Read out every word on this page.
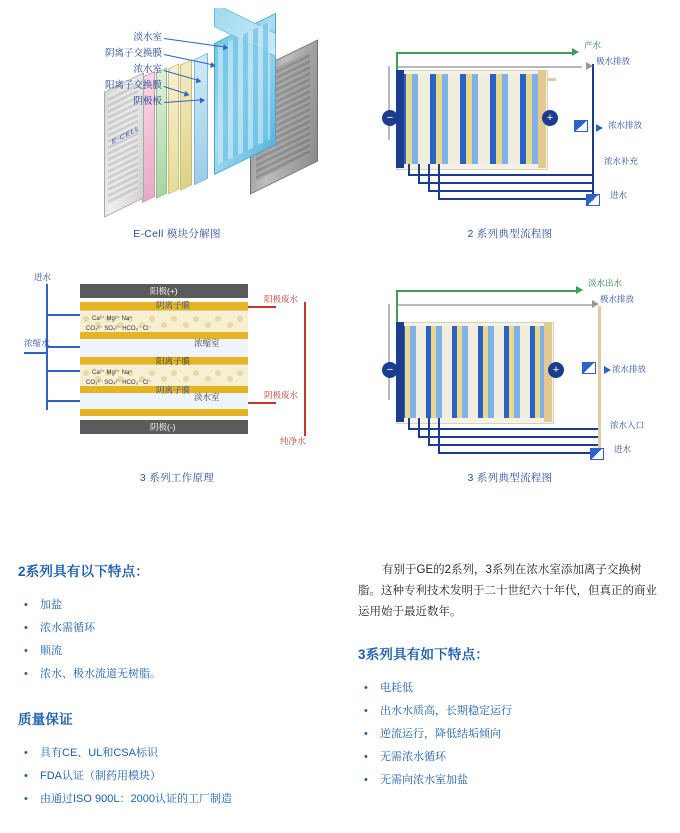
E-CELL
淡水室
阴离子交换膜
浓水室
阳离子交换膜
阴极板
E-Cell 模块分解图
−	+
产水
极水排放
浓水排放
浓水补充
进水
2 系列典型流程图
阳极(+)
阴极(-)
Ca²⁺ Mg²⁺ Na⁺
CO₃²⁻ SO₄²⁻ HCO₃⁻ Cl⁻
Ca²⁺ Mg²⁺ Na⁺
CO₃²⁻ SO₄²⁻ HCO₃⁻ Cl⁻
阴离子膜
浓缩室
阳离子膜
淡水室
阴离子膜
进水
浓缩水
阳极废水
阴极废水
纯净水
3 系列工作原理
−	+
淡水出水
极水排放
浓水排放
浓水入口
进水
3 系列典型流程图
2系列具有以下特点：
• 加盐
• 浓水需循环
• 顺流
• 浓水、极水流道无树脂。
质量保证
• 具有CE、UL和CSA标识
• FDA认证（制药用模块）
• 由通过ISO 900L：2000认证的工厂制造

有别于GE的2系列，3系列在浓水室添加离子交换树脂。这种专利技术发明于二十世纪六十年代，但真正的商业运用始于最近数年。

3系列具有如下特点：
• 电耗低
• 出水水质高，长期稳定运行
• 逆流运行，降低结垢倾向
• 无需浓水循环
• 无需向浓水室加盐
